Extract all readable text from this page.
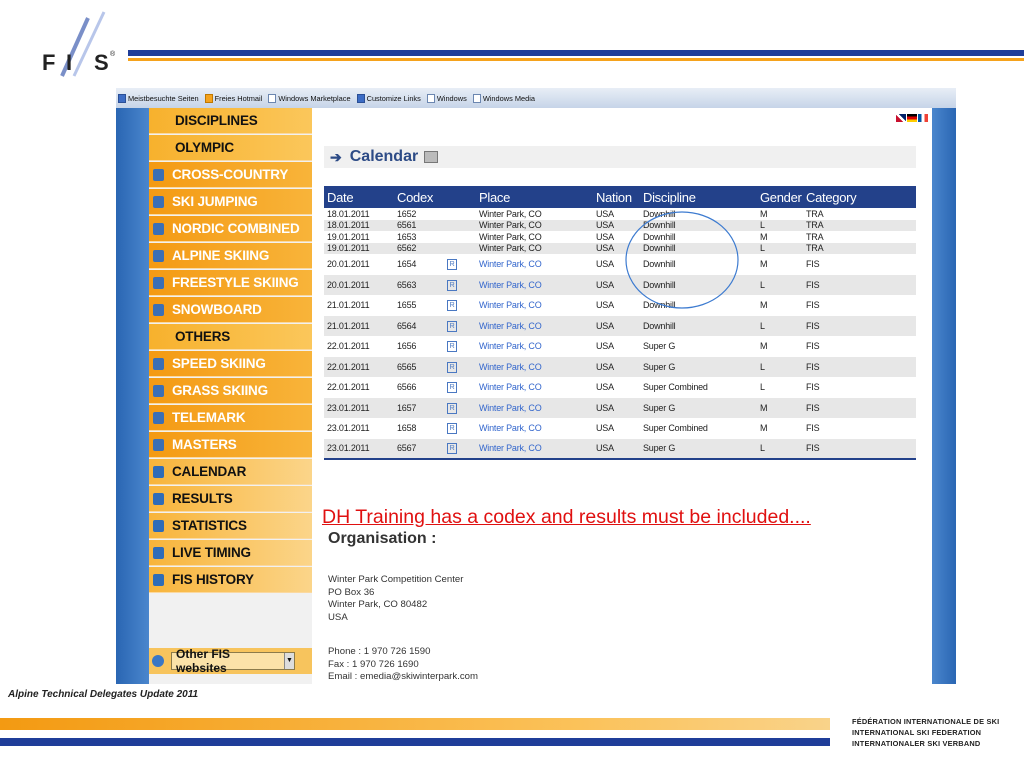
F I S ®
Alpine Technical Delegates Update 2011
FÉDÉRATION INTERNATIONALE DE SKI
INTERNATIONAL SKI FEDERATION
INTERNATIONALER SKI VERBAND
Meistbesuchte Seiten Freies Hotmail Windows Marketplace Customize Links Windows Windows Media
DISCIPLINES
OLYMPIC
CROSS-COUNTRY
SKI JUMPING
NORDIC COMBINED
ALPINE SKIING
FREESTYLE SKIING
SNOWBOARD
OTHERS
SPEED SKIING
GRASS SKIING
TELEMARK
MASTERS
CALENDAR
RESULTS
STATISTICS
LIVE TIMING
FIS HISTORY
Other FIS websites
▼
➔ Calendar
Date	Codex		Place	Nation	Discipline	Gender	Category
18.01.2011	1652		Winter Park, CO	USA	Downhill	M	TRA
18.01.2011	6561		Winter Park, CO	USA	Downhill	L	TRA
19.01.2011	1653		Winter Park, CO	USA	Downhill	M	TRA
19.01.2011	6562		Winter Park, CO	USA	Downhill	L	TRA
20.01.2011	1654	R	Winter Park, CO	USA	Downhill	M	FIS
20.01.2011	6563	R	Winter Park, CO	USA	Downhill	L	FIS
21.01.2011	1655	R	Winter Park, CO	USA	Downhill	M	FIS
21.01.2011	6564	R	Winter Park, CO	USA	Downhill	L	FIS
22.01.2011	1656	R	Winter Park, CO	USA	Super G	M	FIS
22.01.2011	6565	R	Winter Park, CO	USA	Super G	L	FIS
22.01.2011	6566	R	Winter Park, CO	USA	Super Combined	L	FIS
23.01.2011	1657	R	Winter Park, CO	USA	Super G	M	FIS
23.01.2011	1658	R	Winter Park, CO	USA	Super Combined	M	FIS
23.01.2011	6567	R	Winter Park, CO	USA	Super G	L	FIS
DH Training has a codex and results must be included....
Organisation :
Winter Park Competition Center
PO Box 36
Winter Park, CO 80482
USA
Phone : 1 970 726 1590
Fax : 1 970 726 1690
Email : emedia@skiwinterpark.com
